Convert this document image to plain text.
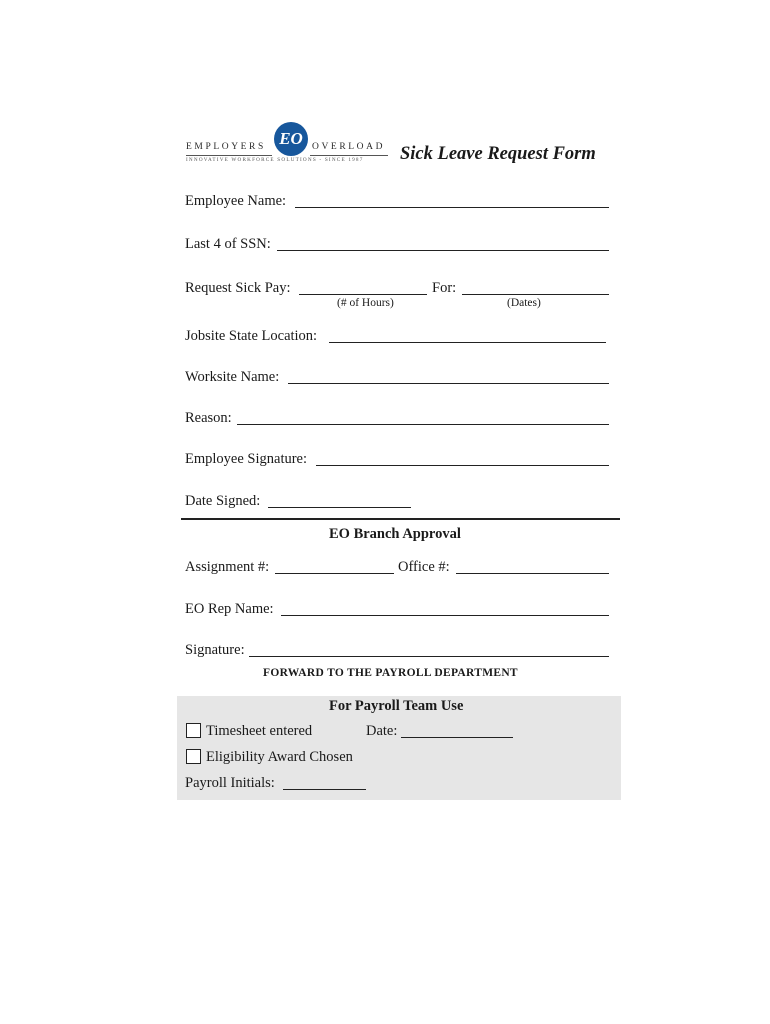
EMPLOYERS EO OVERLOAD
INNOVATIVE WORKFORCE SOLUTIONS - SINCE 1987 Sick Leave Request Form
Employee Name:
Last 4 of SSN:
Request Sick Pay:	For:
(# of Hours)	(Dates)
Jobsite State Location:
Worksite Name:
Reason:
Employee Signature:
Date Signed:
EO Branch Approval
Assignment #:	Office #:
EO Rep Name:
Signature:
FORWARD TO THE PAYROLL DEPARTMENT
For Payroll Team Use
Timesheet entered	Date:
Eligibility Award Chosen
Payroll Initials:
